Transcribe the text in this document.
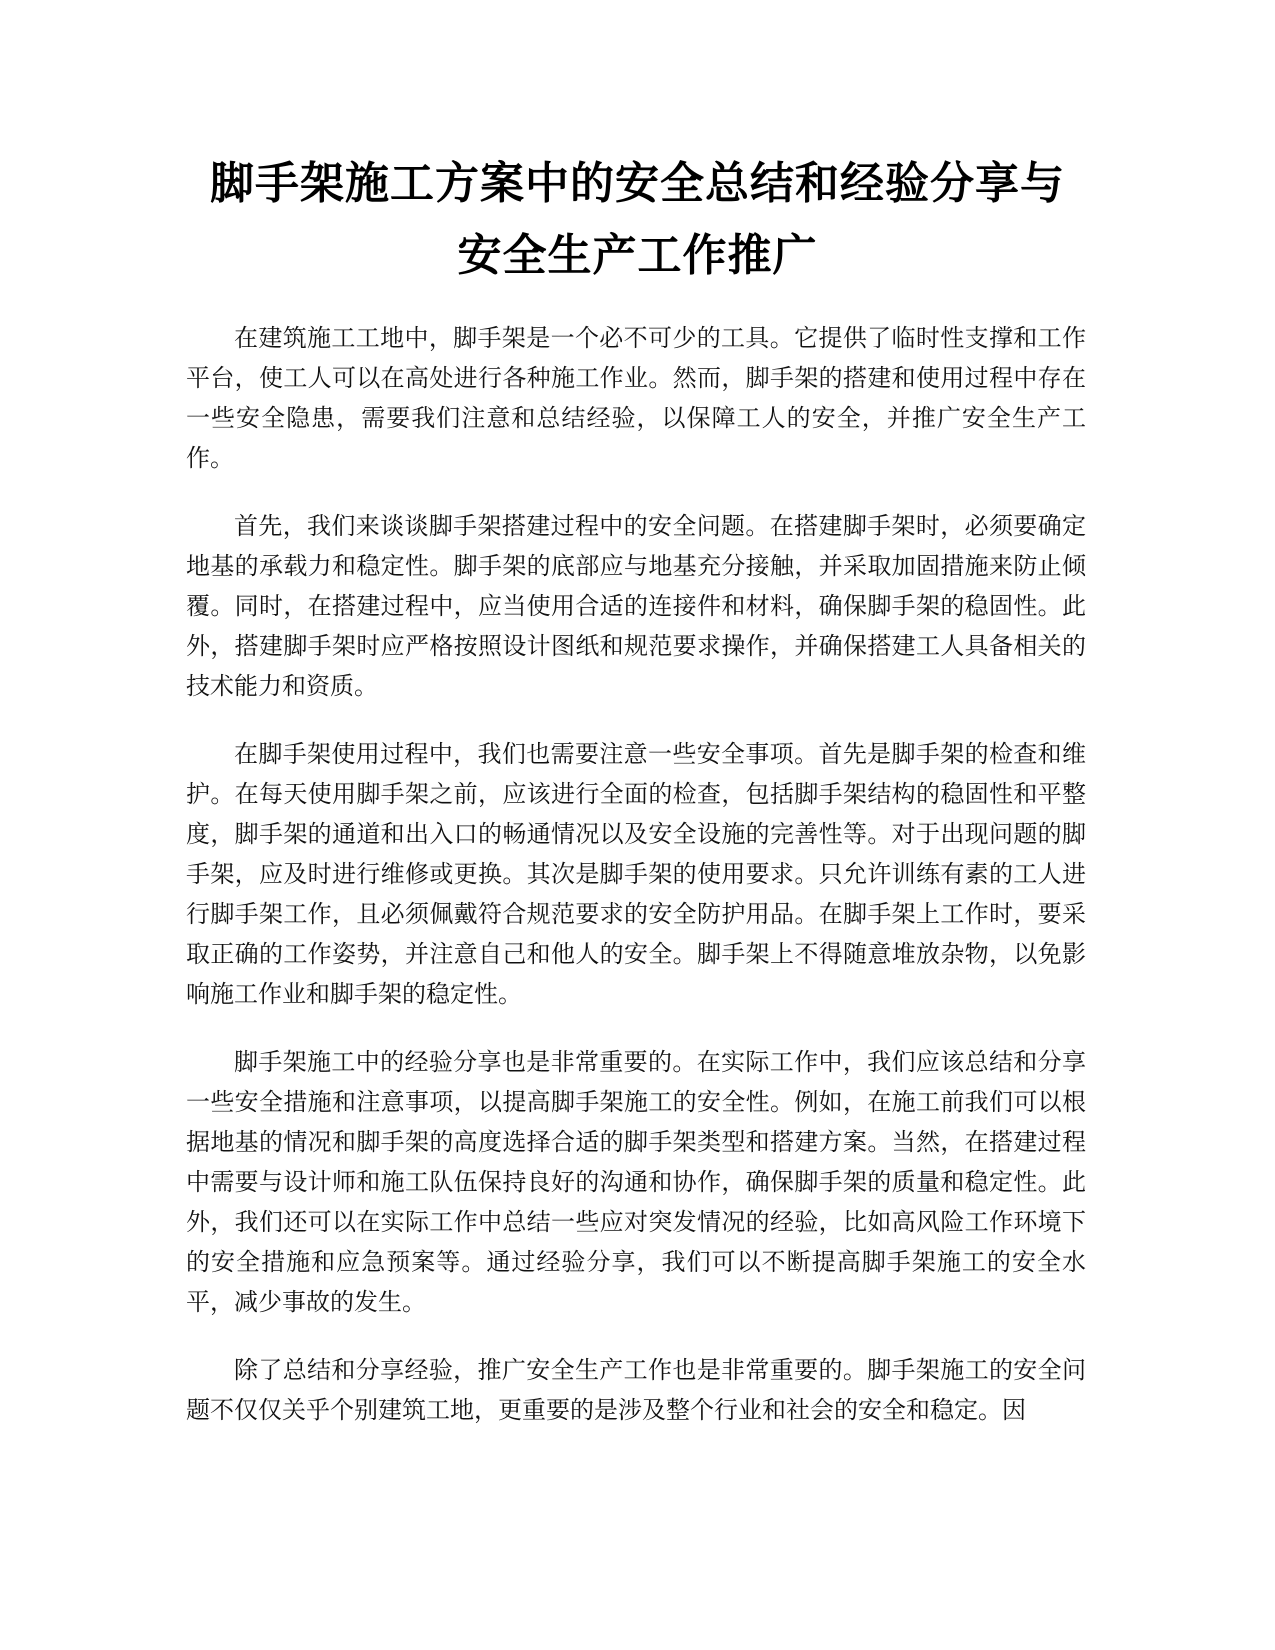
脚手架施工方案中的安全总结和经验分享与
安全生产工作推广

在建筑施工工地中，脚手架是一个必不可少的工具。它提供了临时性支撑和工作平台，使工人可以在高处进行各种施工作业。然而，脚手架的搭建和使用过程中存在一些安全隐患，需要我们注意和总结经验，以保障工人的安全，并推广安全生产工作。

首先，我们来谈谈脚手架搭建过程中的安全问题。在搭建脚手架时，必须要确定地基的承载力和稳定性。脚手架的底部应与地基充分接触，并采取加固措施来防止倾覆。同时，在搭建过程中，应当使用合适的连接件和材料，确保脚手架的稳固性。此外，搭建脚手架时应严格按照设计图纸和规范要求操作，并确保搭建工人具备相关的技术能力和资质。

在脚手架使用过程中，我们也需要注意一些安全事项。首先是脚手架的检查和维护。在每天使用脚手架之前，应该进行全面的检查，包括脚手架结构的稳固性和平整度，脚手架的通道和出入口的畅通情况以及安全设施的完善性等。对于出现问题的脚手架，应及时进行维修或更换。其次是脚手架的使用要求。只允许训练有素的工人进行脚手架工作，且必须佩戴符合规范要求的安全防护用品。在脚手架上工作时，要采取正确的工作姿势，并注意自己和他人的安全。脚手架上不得随意堆放杂物，以免影响施工作业和脚手架的稳定性。

脚手架施工中的经验分享也是非常重要的。在实际工作中，我们应该总结和分享一些安全措施和注意事项，以提高脚手架施工的安全性。例如，在施工前我们可以根据地基的情况和脚手架的高度选择合适的脚手架类型和搭建方案。当然，在搭建过程中需要与设计师和施工队伍保持良好的沟通和协作，确保脚手架的质量和稳定性。此外，我们还可以在实际工作中总结一些应对突发情况的经验，比如高风险工作环境下的安全措施和应急预案等。通过经验分享，我们可以不断提高脚手架施工的安全水平，减少事故的发生。

除了总结和分享经验，推广安全生产工作也是非常重要的。脚手架施工的安全问题不仅仅关乎个别建筑工地，更重要的是涉及整个行业和社会的安全和稳定。因
